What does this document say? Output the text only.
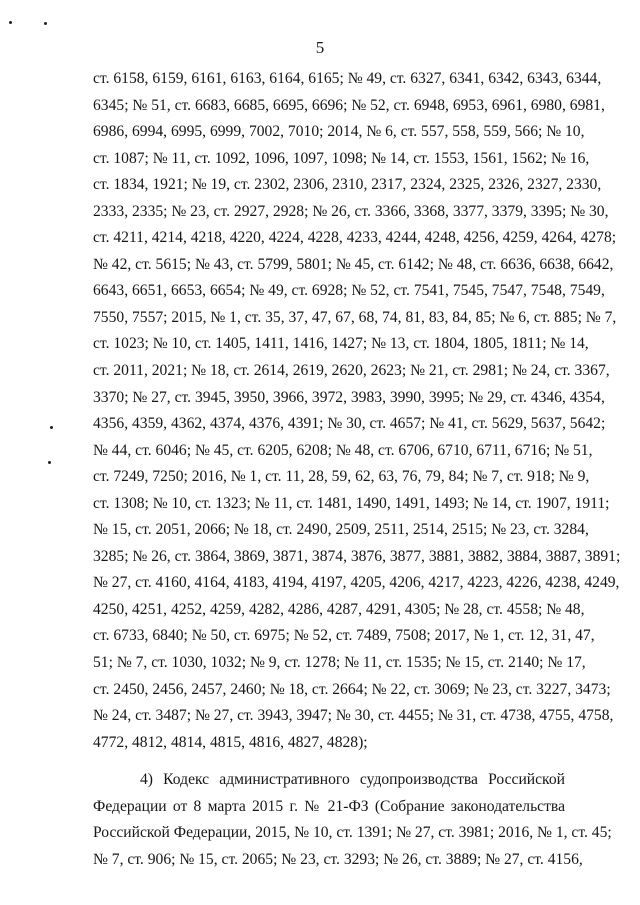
5
ст. 6158, 6159, 6161, 6163, 6164, 6165; № 49, ст. 6327, 6341, 6342, 6343, 6344,
6345; № 51, ст. 6683, 6685, 6695, 6696; № 52, ст. 6948, 6953, 6961, 6980, 6981,
6986, 6994, 6995, 6999, 7002, 7010; 2014, № 6, ст. 557, 558, 559, 566; № 10,
ст. 1087; № 11, ст. 1092, 1096, 1097, 1098; № 14, ст. 1553, 1561, 1562; № 16,
ст. 1834, 1921; № 19, ст. 2302, 2306, 2310, 2317, 2324, 2325, 2326, 2327, 2330,
2333, 2335; № 23, ст. 2927, 2928; № 26, ст. 3366, 3368, 3377, 3379, 3395; № 30,
ст. 4211, 4214, 4218, 4220, 4224, 4228, 4233, 4244, 4248, 4256, 4259, 4264, 4278;
№ 42, ст. 5615; № 43, ст. 5799, 5801; № 45, ст. 6142; № 48, ст. 6636, 6638, 6642,
6643, 6651, 6653, 6654; № 49, ст. 6928; № 52, ст. 7541, 7545, 7547, 7548, 7549,
7550, 7557; 2015, № 1, ст. 35, 37, 47, 67, 68, 74, 81, 83, 84, 85; № 6, ст. 885; № 7,
ст. 1023; № 10, ст. 1405, 1411, 1416, 1427; № 13, ст. 1804, 1805, 1811; № 14,
ст. 2011, 2021; № 18, ст. 2614, 2619, 2620, 2623; № 21, ст. 2981; № 24, ст. 3367,
3370; № 27, ст. 3945, 3950, 3966, 3972, 3983, 3990, 3995; № 29, ст. 4346, 4354,
4356, 4359, 4362, 4374, 4376, 4391; № 30, ст. 4657; № 41, ст. 5629, 5637, 5642;
№ 44, ст. 6046; № 45, ст. 6205, 6208; № 48, ст. 6706, 6710, 6711, 6716; № 51,
ст. 7249, 7250; 2016, № 1, ст. 11, 28, 59, 62, 63, 76, 79, 84; № 7, ст. 918; № 9,
ст. 1308; № 10, ст. 1323; № 11, ст. 1481, 1490, 1491, 1493; № 14, ст. 1907, 1911;
№ 15, ст. 2051, 2066; № 18, ст. 2490, 2509, 2511, 2514, 2515; № 23, ст. 3284,
3285; № 26, ст. 3864, 3869, 3871, 3874, 3876, 3877, 3881, 3882, 3884, 3887, 3891;
№ 27, ст. 4160, 4164, 4183, 4194, 4197, 4205, 4206, 4217, 4223, 4226, 4238, 4249,
4250, 4251, 4252, 4259, 4282, 4286, 4287, 4291, 4305; № 28, ст. 4558; № 48,
ст. 6733, 6840; № 50, ст. 6975; № 52, ст. 7489, 7508; 2017, № 1, ст. 12, 31, 47,
51; № 7, ст. 1030, 1032; № 9, ст. 1278; № 11, ст. 1535; № 15, ст. 2140; № 17,
ст. 2450, 2456, 2457, 2460; № 18, ст. 2664; № 22, ст. 3069; № 23, ст. 3227, 3473;
№ 24, ст. 3487; № 27, ст. 3943, 3947; № 30, ст. 4455; № 31, ст. 4738, 4755, 4758,
4772, 4812, 4814, 4815, 4816, 4827, 4828);
4) Кодекс административного судопроизводства Российской
Федерации от 8 марта 2015 г. № 21-ФЗ (Собрание законодательства
Российской Федерации, 2015, № 10, ст. 1391; № 27, ст. 3981; 2016, № 1, ст. 45;
№ 7, ст. 906; № 15, ст. 2065; № 23, ст. 3293; № 26, ст. 3889; № 27, ст. 4156,
